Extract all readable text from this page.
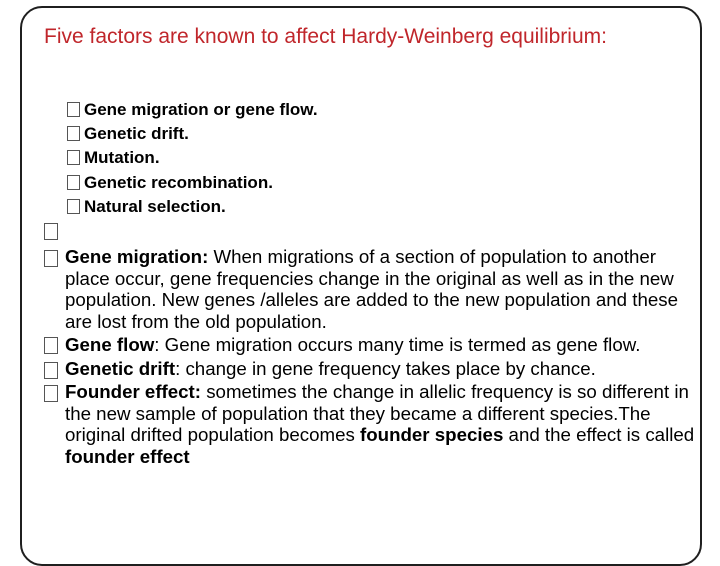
Five factors are known to affect Hardy-Weinberg equilibrium:
Gene migration or gene flow.
Genetic drift.
Mutation.
Genetic recombination.
Natural selection.
Gene migration: When migrations of a section of population to another place occur, gene frequencies change in the original as well as in the new population. New genes /alleles are added to the new population and these are lost from the old population.
Gene flow: Gene migration occurs many time is termed as gene flow.
Genetic drift: change in gene frequency takes place by chance.
Founder effect: sometimes the change in allelic frequency is so different in the new sample of population that they became a different species.The original drifted population becomes founder species and the effect is called founder effect
